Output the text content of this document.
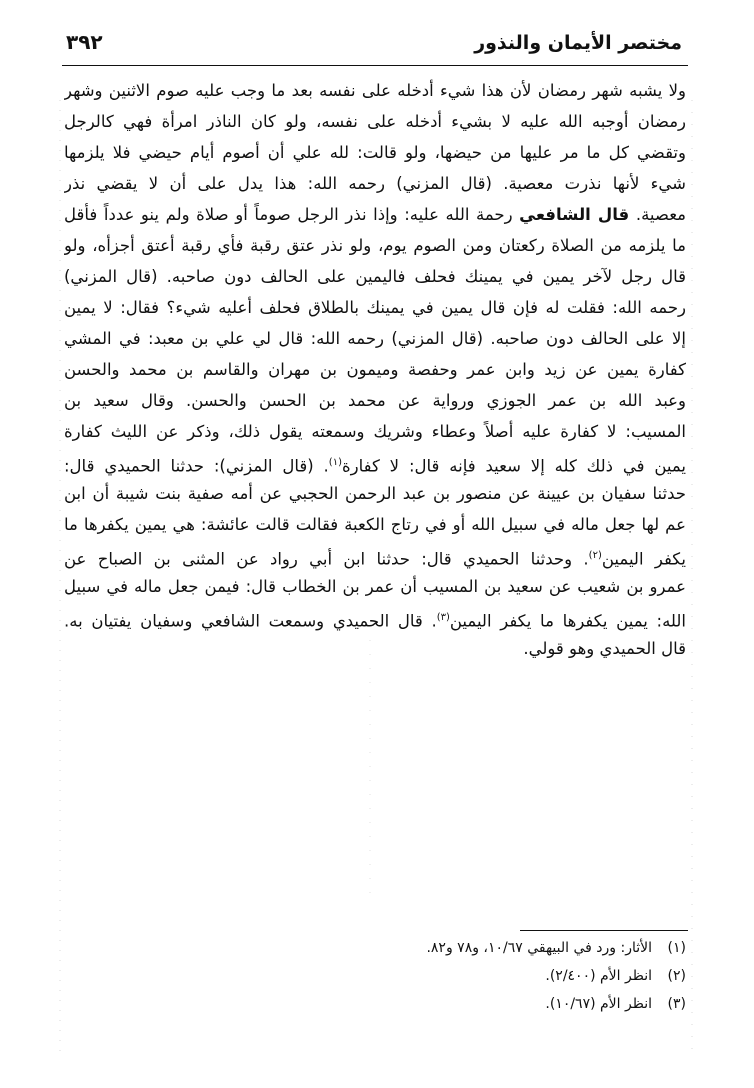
مختصر الأيمان والنذور
٣٩٢
ولا يشبه شهر رمضان لأن هذا شيء أدخله على نفسه بعد ما وجب عليه صوم الاثنين وشهر
رمضان أوجبه الله عليه لا بشيء أدخله على نفسه، ولو كان الناذر امرأة فهي كالرجل
وتقضي كل ما مر عليها من حيضها، ولو قالت: لله علي أن أصوم أيام حيضي فلا يلزمها
شيء لأنها نذرت معصية. (قال المزني) رحمه الله: هذا يدل على أن لا يقضي نذر
معصية. قال الشافعي رحمة الله عليه: وإذا نذر الرجل صوماً أو صلاة ولم ينو عدداً فأقل
ما يلزمه من الصلاة ركعتان ومن الصوم يوم، ولو نذر عتق رقبة فأي رقبة أعتق أجزأه، ولو
قال رجل لآخر يمين في يمينك فحلف فاليمين على الحالف دون صاحبه. (قال المزني)
رحمه الله: فقلت له فإن قال يمين في يمينك بالطلاق فحلف أعليه شيء؟ فقال: لا يمين
إلا على الحالف دون صاحبه. (قال المزني) رحمه الله: قال لي علي بن معبد: في المشي
كفارة يمين عن زيد وابن عمر وحفصة وميمون بن مهران والقاسم بن محمد والحسن
وعبد الله بن عمر الجوزي ورواية عن محمد بن الحسن والحسن. وقال سعيد بن
المسيب: لا كفارة عليه أصلاً وعطاء وشريك وسمعته يقول ذلك، وذكر عن الليث كفارة
يمين في ذلك كله إلا سعيد فإنه قال: لا كفارة$^{(١)}$. (قال المزني): حدثنا الحميدي قال:
حدثنا سفيان بن عيينة عن منصور بن عبد الرحمن الحجبي عن أمه صفية بنت شيبة أن ابن
عم لها جعل ماله في سبيل الله أو في رتاج الكعبة فقالت قالت عائشة: هي يمين يكفرها ما
يكفر اليمين$^{(٢)}$. وحدثنا الحميدي قال: حدثنا ابن أبي رواد عن المثنى بن الصباح عن
عمرو بن شعيب عن سعيد بن المسيب أن عمر بن الخطاب قال: فيمن جعل ماله في سبيل
الله: يمين يكفرها ما يكفر اليمين$^{(٣)}$. قال الحميدي وسمعت الشافعي وسفيان يفتيان به.
قال الحميدي وهو قولي.
(١)الأثار: ورد في البيهقي ١٠/٦٧، و٧٨ و٨٢.
(٢)انظر الأم (٢/٤٠٠).
(٣)انظر الأم (١٠/٦٧).
